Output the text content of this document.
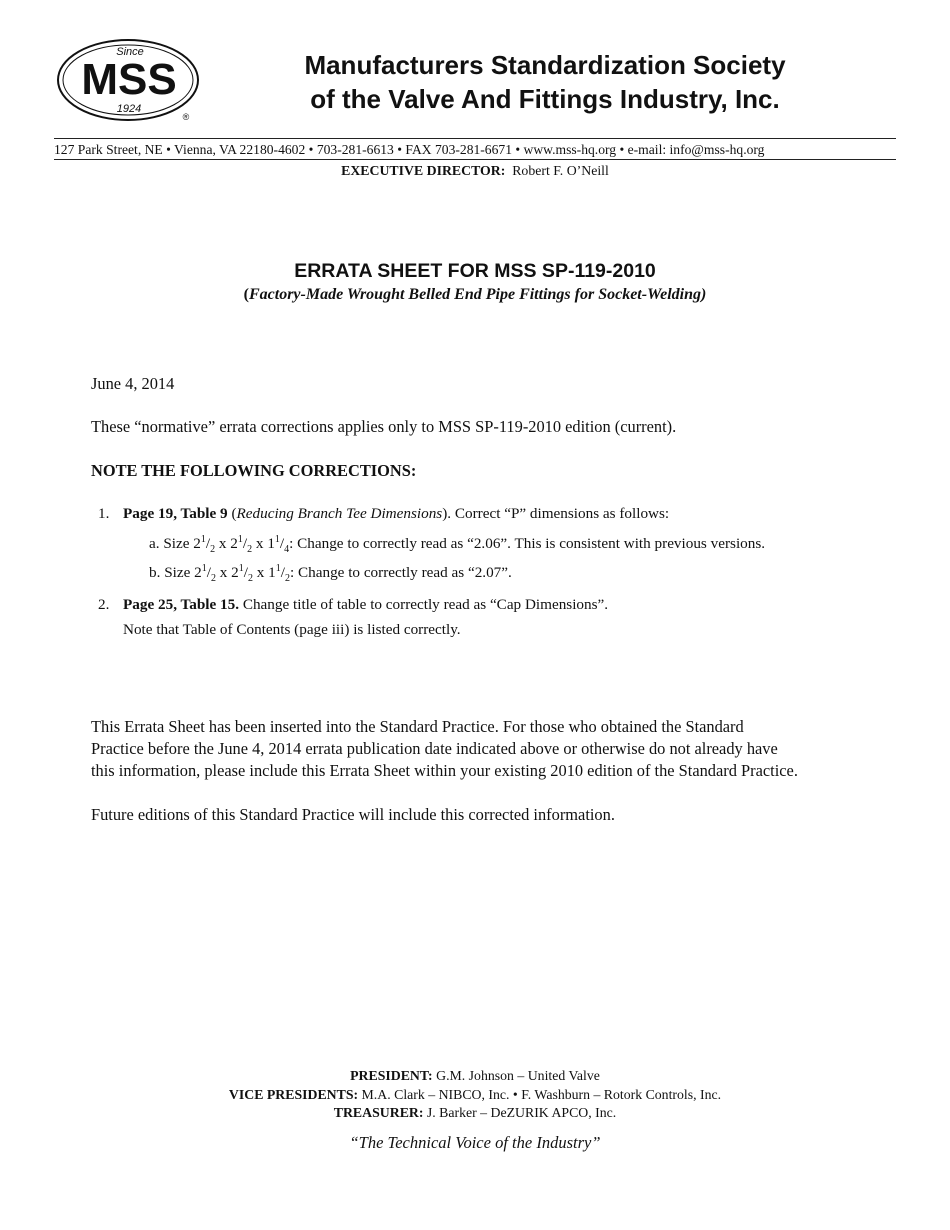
Since
MSS
1924
®
Manufacturers Standardization Society
of the Valve And Fittings Industry, Inc.
127 Park Street, NE • Vienna, VA 22180-4602 • 703-281-6613 • FAX 703-281-6671 • www.mss-hq.org • e-mail: info@mss-hq.org
EXECUTIVE DIRECTOR: Robert F. O’Neill
ERRATA SHEET FOR MSS SP-119-2010
(Factory-Made Wrought Belled End Pipe Fittings for Socket-Welding)
June 4, 2014
These “normative” errata corrections applies only to MSS SP-119-2010 edition (current).
NOTE THE FOLLOWING CORRECTIONS:
1. Page 19, Table 9 (Reducing Branch Tee Dimensions). Correct “P” dimensions as follows:
a. Size $2^1/_2$ x $2^1/_2$ x $1^1/_4$: Change to correctly read as “2.06”. This is consistent with previous versions.
b. Size $2^1/_2$ x $2^1/_2$ x $1^1/_2$: Change to correctly read as “2.07”.
2. Page 25, Table 15. Change title of table to correctly read as “Cap Dimensions”.
Note that Table of Contents (page iii) is listed correctly.
This Errata Sheet has been inserted into the Standard Practice. For those who obtained the Standard
Practice before the June 4, 2014 errata publication date indicated above or otherwise do not already have
this information, please include this Errata Sheet within your existing 2010 edition of the Standard Practice.
Future editions of this Standard Practice will include this corrected information.
PRESIDENT: G.M. Johnson – United Valve
VICE PRESIDENTS: M.A. Clark – NIBCO, Inc. • F. Washburn – Rotork Controls, Inc.
TREASURER: J. Barker – DeZURIK APCO, Inc.
“The Technical Voice of the Industry”
